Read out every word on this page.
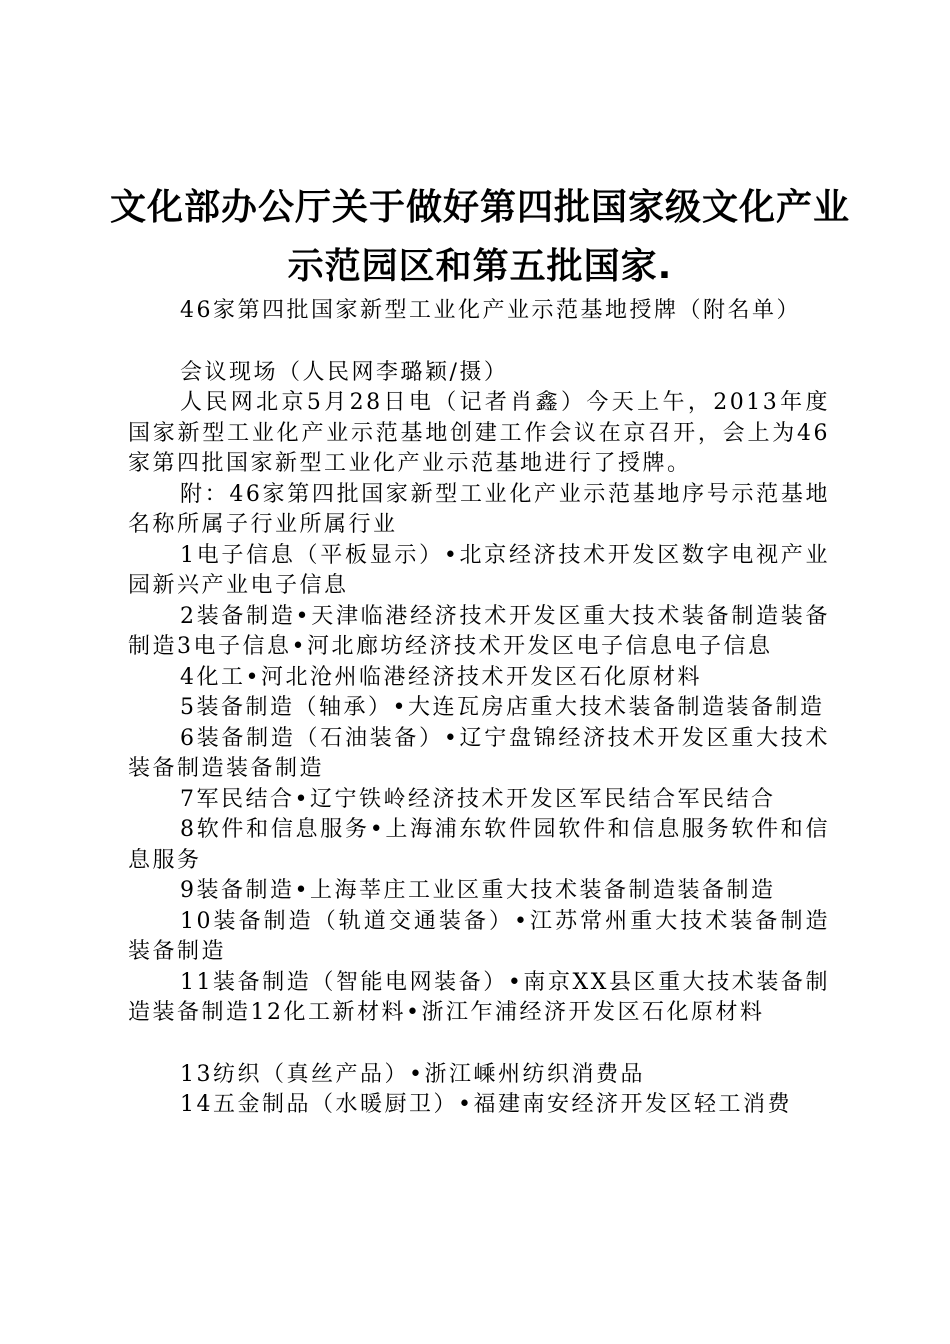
文化部办公厅关于做好第四批国家级文化产业
示范园区和第五批国家.

46家第四批国家新型工业化产业示范基地授牌（附名单）

会议现场（人民网李璐颖/摄）

人民网北京5月28日电（记者肖鑫）今天上午，2013年度国家新型工业化产业示范基地创建工作会议在京召开，会上为46家第四批国家新型工业化产业示范基地进行了授牌。

附：46家第四批国家新型工业化产业示范基地序号示范基地名称所属子行业所属行业

1电子信息（平板显示）•北京经济技术开发区数字电视产业园新兴产业电子信息

2装备制造•天津临港经济技术开发区重大技术装备制造装备制造3电子信息•河北廊坊经济技术开发区电子信息电子信息

4化工•河北沧州临港经济技术开发区石化原材料

5装备制造（轴承）•大连瓦房店重大技术装备制造装备制造

6装备制造（石油装备）•辽宁盘锦经济技术开发区重大技术装备制造装备制造

7军民结合•辽宁铁岭经济技术开发区军民结合军民结合

8软件和信息服务•上海浦东软件园软件和信息服务软件和信息服务

9装备制造•上海莘庄工业区重大技术装备制造装备制造

10装备制造（轨道交通装备）•江苏常州重大技术装备制造装备制造

11装备制造（智能电网装备）•南京XX县区重大技术装备制造装备制造12化工新材料•浙江乍浦经济开发区石化原材料

13纺织（真丝产品）•浙江嵊州纺织消费品

14五金制品（水暖厨卫）•福建南安经济开发区轻工消费
